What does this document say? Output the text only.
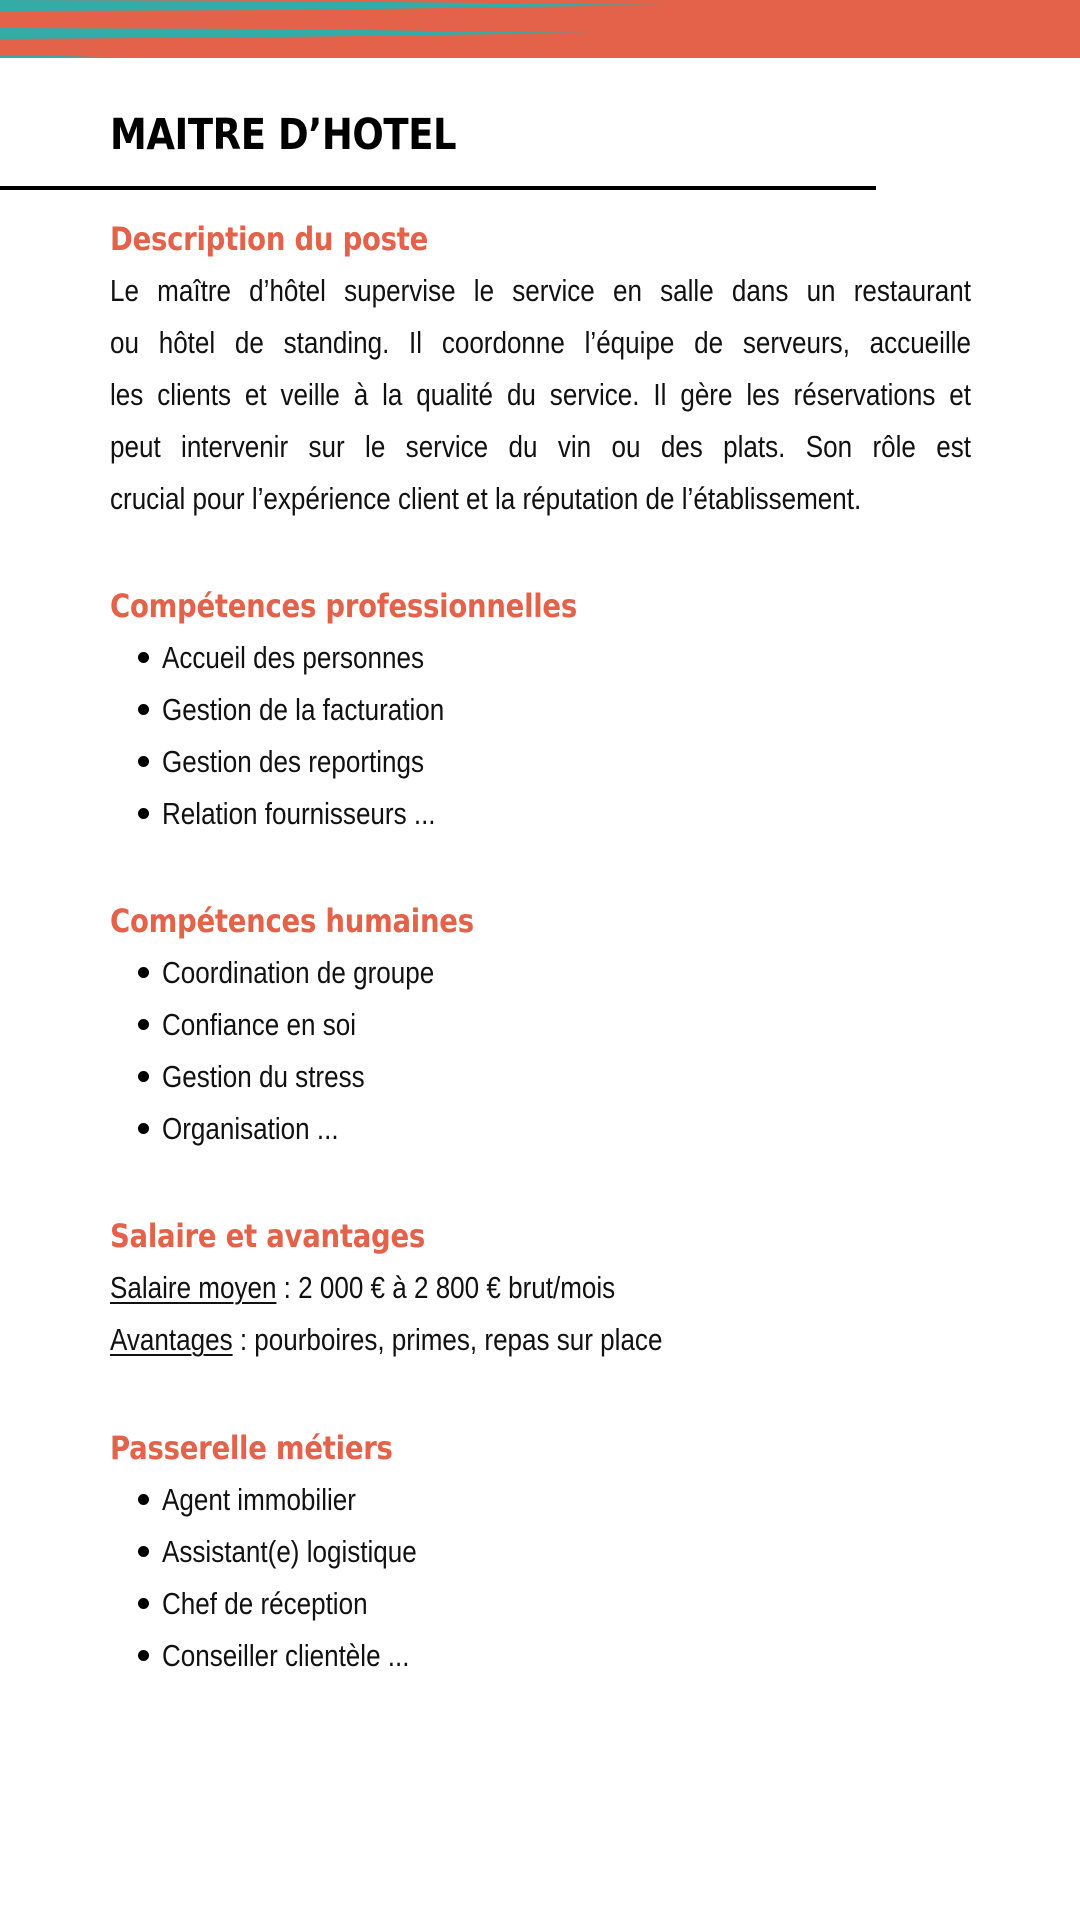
MAITRE D’HOTEL
Description du poste
Le maître d’hôtel supervise le service en salle dans un restaurant
ou hôtel de standing. Il coordonne l’équipe de serveurs, accueille
les clients et veille à la qualité du service. Il gère les réservations et
peut intervenir sur le service du vin ou des plats. Son rôle est
crucial pour l’expérience client et la réputation de l’établissement.
Compétences professionnelles
Accueil des personnes
Gestion de la facturation
Gestion des reportings
Relation fournisseurs ...
Compétences humaines
Coordination de groupe
Confiance en soi
Gestion du stress
Organisation ...
Salaire et avantages
Salaire moyen : 2 000 € à 2 800 € brut/mois
Avantages : pourboires, primes, repas sur place
Passerelle métiers
Agent immobilier
Assistant(e) logistique
Chef de réception
Conseiller clientèle ...
